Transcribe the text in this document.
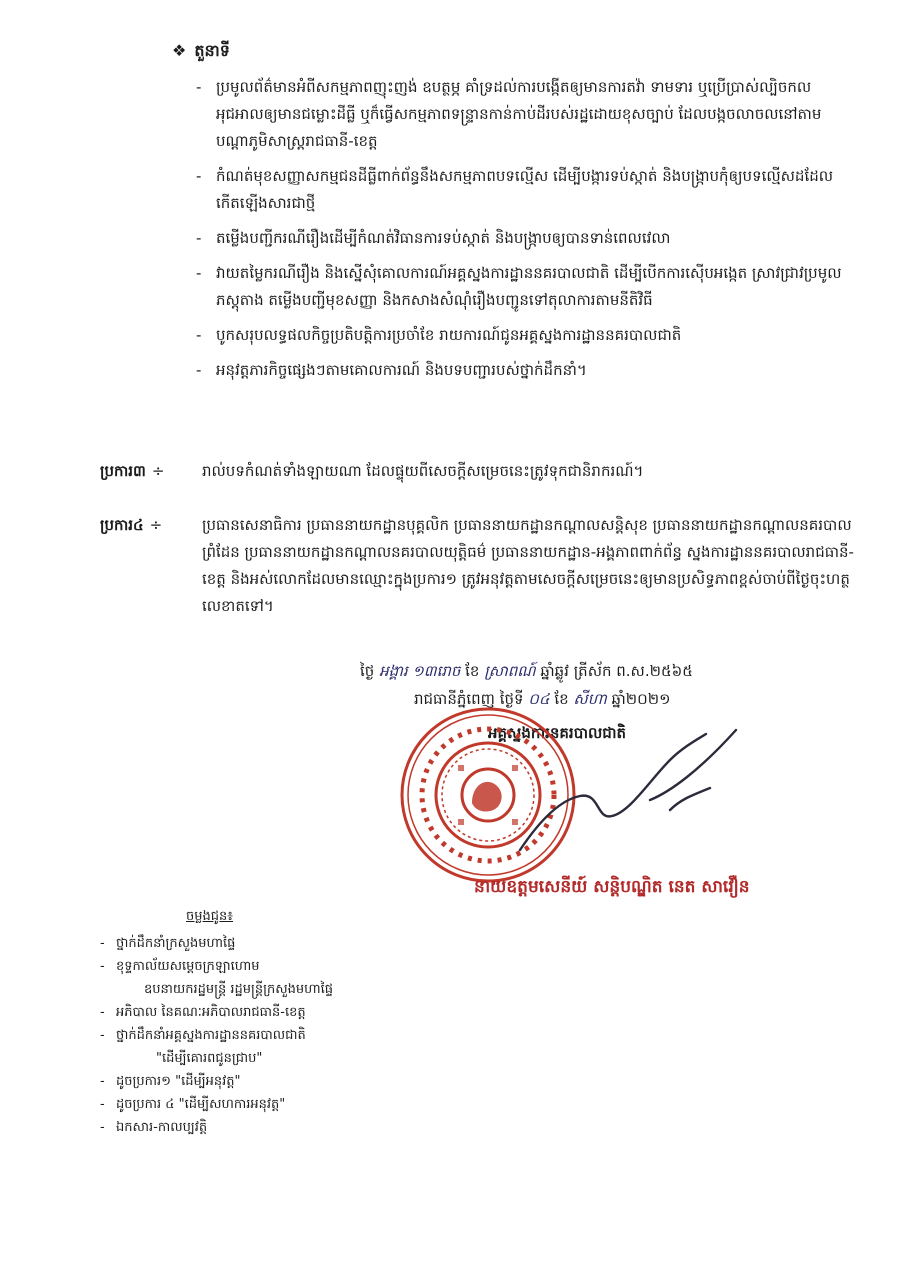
❖ តួនាទី
- ប្រមូលព័ត៌មានអំពីសកម្មភាពញុះញង់ ឧបត្ថម្ភ គាំទ្រដល់ការបង្កើតឲ្យមានការតវ៉ា ទាមទារ ឬប្រើប្រាស់ល្បិចកលអុជអាលឲ្យមានជម្លោះដីធ្លី ឬក៏ធ្វើសកម្មភាពទន្ទ្រានកាន់កាប់ដីរបស់រដ្ឋដោយខុសច្បាប់ ដែលបង្កចលាចលនៅតាមបណ្ដាភូមិសាស្ត្ររាជធានី-ខេត្ត
- កំណត់មុខសញ្ញាសកម្មជនដីធ្លីពាក់ព័ន្ធនឹងសកម្មភាពបទល្មើស ដើម្បីបង្ការទប់ស្កាត់ និងបង្ក្រាបកុំឲ្យបទល្មើសដដែលកើតឡើងសារជាថ្មី
- តម្លើងបញ្ជីករណីរឿងដើម្បីកំណត់វិធានការទប់ស្កាត់ និងបង្ក្រាបឲ្យបានទាន់ពេលវេលា
- វាយតម្លៃករណីរឿង និងស្នើសុំគោលការណ៍អគ្គស្នងការដ្ឋាននគរបាលជាតិ ដើម្បីបើកការស៊ើបអង្កេត ស្រាវជ្រាវប្រមូលភស្តុតាង តម្លើងបញ្ជីមុខសញ្ញា និងកសាងសំណុំរឿងបញ្ជូនទៅតុលាការតាមនីតិវិធី
- បូកសរុបលទ្ធផលកិច្ចប្រតិបត្តិការប្រចាំខែ រាយការណ៍ជូនអគ្គស្នងការដ្ឋាននគរបាលជាតិ
- អនុវត្តភារកិច្ចផ្សេងៗតាមគោលការណ៍ និងបទបញ្ជារបស់ថ្នាក់ដឹកនាំ។
ប្រការ៣ ÷	រាល់បទកំណត់ទាំងឡាយណា ដែលផ្ទុយពីសេចក្តីសម្រេចនេះត្រូវទុកជានិរាករណ៍។
ប្រការ៤ ÷	ប្រធានសេនាធិការ ប្រធាននាយកដ្ឋានបុគ្គលិក ប្រធាននាយកដ្ឋានកណ្តាលសន្តិសុខ ប្រធាននាយកដ្ឋានកណ្តាលនគរបាលព្រំដែន ប្រធាននាយកដ្ឋានកណ្តាលនគរបាលយុត្តិធម៌ ប្រធាននាយកដ្ឋាន-អង្គភាពពាក់ព័ន្ធ ស្នងការដ្ឋាននគរបាលរាជធានី-ខេត្ត និងអស់លោកដែលមានឈ្មោះក្នុងប្រការ១ ត្រូវអនុវត្តតាមសេចក្តីសម្រេចនេះឲ្យមានប្រសិទ្ធភាពខ្ពស់ចាប់ពីថ្ងៃចុះហត្ថលេខាតទៅ។
ថ្ងៃ អង្គារ ១៣រោច ខែ ស្រាពណ៍ ឆ្នាំឆ្លូវ ត្រីស័ក ព.ស.២៥៦៥
រាជធានីភ្នំពេញ ថ្ងៃទី ០៤ ខែ សីហា ឆ្នាំ២០២១
អគ្គស្នងការនគរបាលជាតិ
នាយឧត្តមសេនីយ៍ សន្តិបណ្ឌិត នេត សាវឿន
ចម្លងជូន៖
- ថ្នាក់ដឹកនាំក្រសួងមហាផ្ទៃ
- ខុទ្ទកាល័យសម្តេចក្រឡាហោម
ឧបនាយករដ្ឋមន្ត្រី រដ្ឋមន្ត្រីក្រសួងមហាផ្ទៃ
- អភិបាល នៃគណៈអភិបាលរាជធានី-ខេត្ត
- ថ្នាក់ដឹកនាំអគ្គស្នងការដ្ឋាននគរបាលជាតិ
"ដើម្បីគោរពជូនជ្រាប"
- ដូចប្រការ១ "ដើម្បីអនុវត្ត"
- ដូចប្រការ ៤ "ដើម្បីសហការអនុវត្ត"
- ឯកសារ-កាលប្បវត្តិ
